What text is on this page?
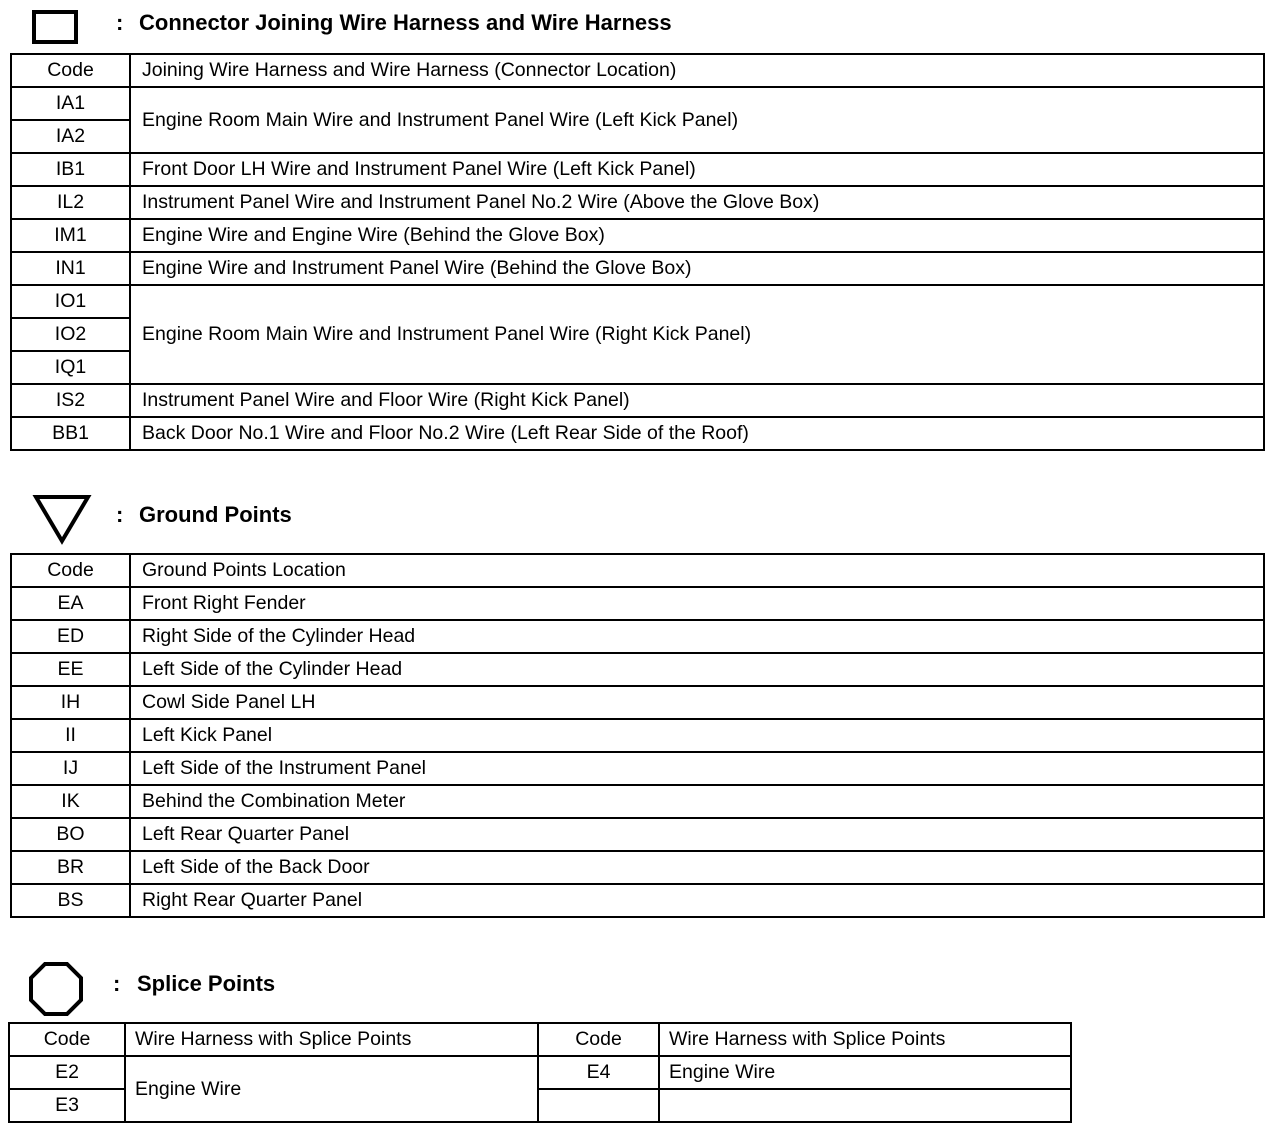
: Connector Joining Wire Harness and Wire Harness
Code	Joining Wire Harness and Wire Harness (Connector Location)
IA1	Engine Room Main Wire and Instrument Panel Wire (Left Kick Panel)
IA2	
IB1	Front Door LH Wire and Instrument Panel Wire (Left Kick Panel)
IL2	Instrument Panel Wire and Instrument Panel No.2 Wire (Above the Glove Box)
IM1	Engine Wire and Engine Wire (Behind the Glove Box)
IN1	Engine Wire and Instrument Panel Wire (Behind the Glove Box)
IO1	Engine Room Main Wire and Instrument Panel Wire (Right Kick Panel)
IO2	
IQ1	
IS2	Instrument Panel Wire and Floor Wire (Right Kick Panel)
BB1	Back Door No.1 Wire and Floor No.2 Wire (Left Rear Side of the Roof)
: Ground Points
Code	Ground Points Location
EA	Front Right Fender
ED	Right Side of the Cylinder Head
EE	Left Side of the Cylinder Head
IH	Cowl Side Panel LH
II	Left Kick Panel
IJ	Left Side of the Instrument Panel
IK	Behind the Combination Meter
BO	Left Rear Quarter Panel
BR	Left Side of the Back Door
BS	Right Rear Quarter Panel
: Splice Points
Code	Wire Harness with Splice Points	Code	Wire Harness with Splice Points
E2	Engine Wire	E4	Engine Wire
E3			
